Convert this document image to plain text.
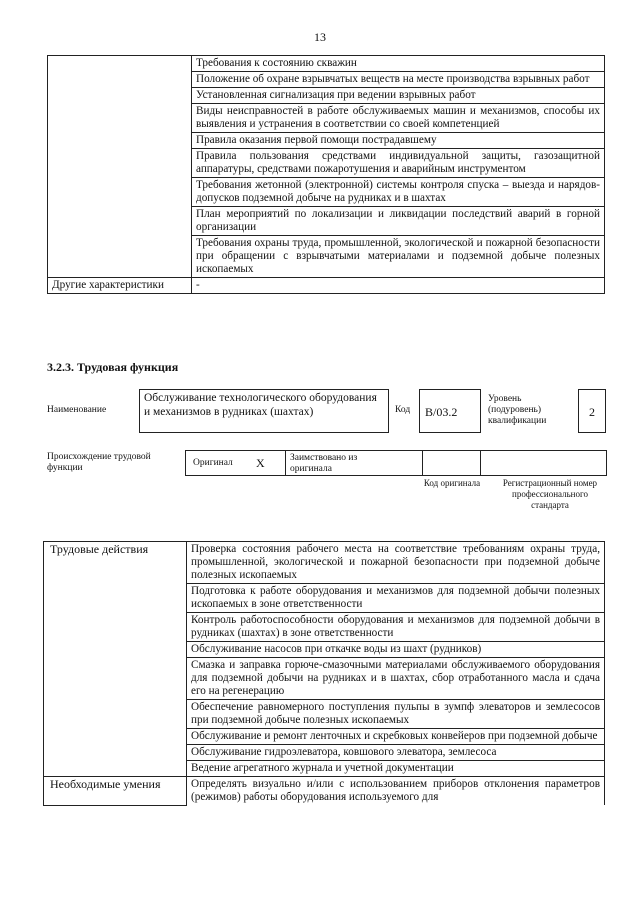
13
	Требования к состоянию скважин
	Положение об охране взрывчатых веществ на месте производства взрывных работ
	Установленная сигнализация при ведении взрывных работ
	Виды неисправностей в работе обслуживаемых машин и механизмов, способы их выявления и устранения в соответствии со своей компетенцией
	Правила оказания первой помощи пострадавшему
	Правила пользования средствами индивидуальной защиты, газозащитной аппаратуры, средствами пожаротушения и аварийным инструментом
	Требования жетонной (электронной) системы контроля спуска – выезда и нарядов-допусков подземной добыче на рудниках и в шахтах
	План мероприятий по локализации и ликвидации последствий аварий в горной организации
	Требования охраны труда, промышленной, экологической и пожарной безопасности при обращении с взрывчатыми материалами и подземной добыче полезных ископаемых
Другие характеристики	-
3.2.3. Трудовая функция
Наименование
Обслуживание технологического оборудования и механизмов в рудниках (шахтах)	Код	B/03.2
Уровень (подуровень) квалификации
2
Происхождение трудовой функции	Оригинал X	Заимствовано из оригинала
Код оригинала	Регистрационный номер профессионального стандарта
Трудовые действия	Проверка состояния рабочего места на соответствие требованиям охраны труда, промышленной, экологической и пожарной безопасности при подземной добыче полезных ископаемых
	Подготовка к работе оборудования и механизмов для подземной добычи полезных ископаемых в зоне ответственности
	Контроль работоспособности оборудования и механизмов для подземной добычи в рудниках (шахтах) в зоне ответственности
	Обслуживание насосов при откачке воды из шахт (рудников)
	Смазка и заправка горюче-смазочными материалами обслуживаемого оборудования для подземной добычи на рудниках и в шахтах, сбор отработанного масла и сдача его на регенерацию
	Обеспечение равномерного поступления пульпы в зумпф элеваторов и землесосов при подземной добыче полезных ископаемых
	Обслуживание и ремонт ленточных и скребковых конвейеров при подземной добыче
	Обслуживание гидроэлеватора, ковшового элеватора, землесоса
	Ведение агрегатного журнала и учетной документации
Необходимые умения	Определять визуально и/или с использованием приборов отклонения параметров (режимов) работы оборудования используемого для
